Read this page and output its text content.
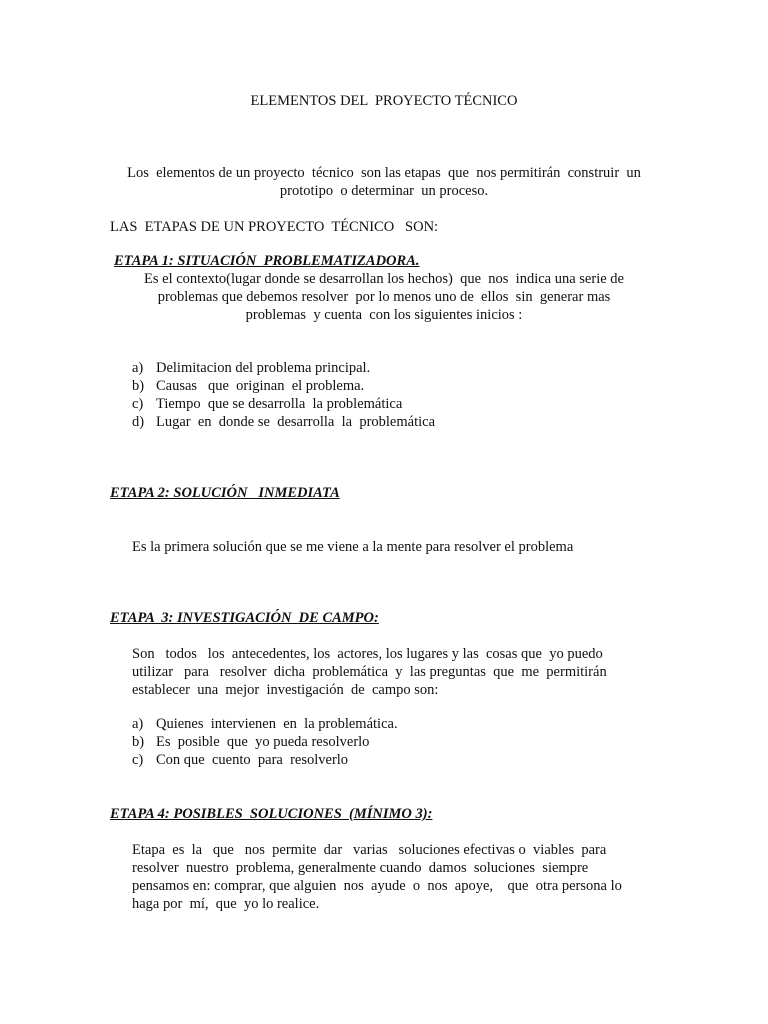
ELEMENTOS DEL  PROYECTO TÉCNICO
Los  elementos de un proyecto  técnico  son las etapas  que  nos permitirán  construir  un
prototipo  o determinar  un proceso.
LAS  ETAPAS DE UN PROYECTO  TÉCNICO   SON:
ETAPA 1: SITUACIÓN  PROBLEMATIZADORA.
Es el contexto(lugar donde se desarrollan los hechos)  que  nos  indica una serie de
problemas que debemos resolver  por lo menos uno de  ellos  sin  generar mas
problemas  y cuenta  con los siguientes inicios :
a) Delimitacion del problema principal.
b) Causas   que  originan  el problema.
c) Tiempo  que se desarrolla  la problemática
d) Lugar  en  donde se  desarrolla  la  problemática
ETAPA 2: SOLUCIÓN   INMEDIATA
Es la primera solución que se me viene a la mente para resolver el problema
ETAPA  3: INVESTIGACIÓN  DE CAMPO:
Son   todos   los  antecedentes, los  actores, los lugares y las  cosas que  yo puedo
utilizar   para   resolver  dicha  problemática  y  las preguntas  que  me  permitirán
establecer  una  mejor  investigación  de  campo son:
a) Quienes  intervienen  en  la problemática.
b) Es  posible  que  yo pueda resolverlo
c) Con que  cuento  para  resolverlo
ETAPA 4: POSIBLES  SOLUCIONES  (MÍNIMO 3):
Etapa  es  la   que   nos  permite  dar   varias   soluciones efectivas o  viables  para
resolver  nuestro  problema, generalmente cuando  damos  soluciones  siempre
pensamos en: comprar, que alguien  nos  ayude  o  nos  apoye,    que  otra persona lo
haga por  mí,  que  yo lo realice.
